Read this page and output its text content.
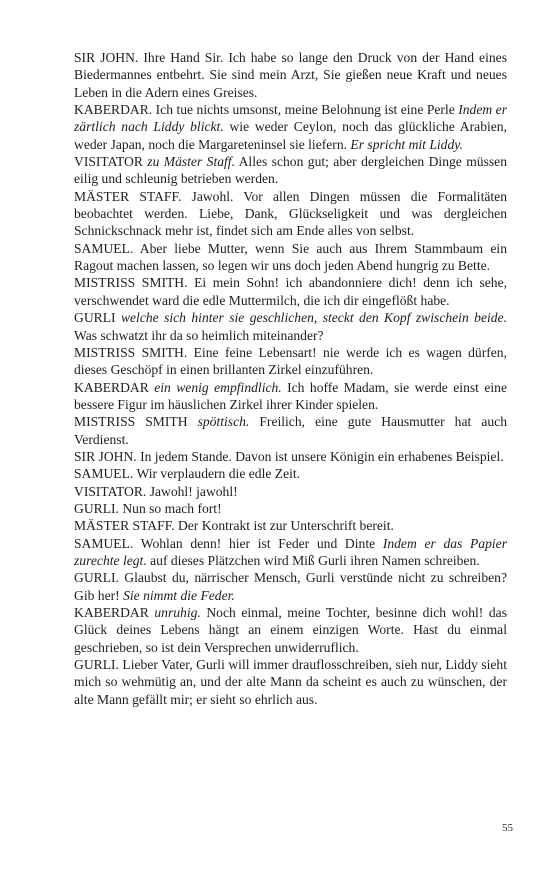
SIR JOHN. Ihre Hand Sir. Ich habe so lange den Druck von der Hand eines Biedermannes entbehrt. Sie sind mein Arzt, Sie gießen neue Kraft und neues Leben in die Adern eines Greises.

KABERDAR. Ich tue nichts umsonst, meine Belohnung ist eine Perle Indem er zärtlich nach Liddy blickt. wie weder Ceylon, noch das glückliche Arabien, weder Japan, noch die Margareteninsel sie liefern. Er spricht mit Liddy.

VISITATOR zu Mäster Staff. Alles schon gut; aber dergleichen Dinge müssen eilig und schleunig betrieben werden.

MÄSTER STAFF. Jawohl. Vor allen Dingen müssen die Formalitäten beobachtet werden. Liebe, Dank, Glückseligkeit und was dergleichen Schnickschnack mehr ist, findet sich am Ende alles von selbst.

SAMUEL. Aber liebe Mutter, wenn Sie auch aus Ihrem Stammbaum ein Ragout machen lassen, so legen wir uns doch jeden Abend hungrig zu Bette.

MISTRISS SMITH. Ei mein Sohn! ich abandonniere dich! denn ich sehe, verschwendet ward die edle Muttermilch, die ich dir eingeflößt habe.

GURLI welche sich hinter sie geschlichen, steckt den Kopf zwischein beide. Was schwatzt ihr da so heimlich miteinander?

MISTRISS SMITH. Eine feine Lebensart! nie werde ich es wagen dürfen, dieses Geschöpf in einen brillanten Zirkel einzuführen.

KABERDAR ein wenig empfindlich. Ich hoffe Madam, sie werde einst eine bessere Figur im häuslichen Zirkel ihrer Kinder spielen.

MISTRISS SMITH spöttisch. Freilich, eine gute Hausmutter hat auch Verdienst.

SIR JOHN. In jedem Stande. Davon ist unsere Königin ein erhabenes Beispiel.

SAMUEL. Wir verplaudern die edle Zeit.

VISITATOR. Jawohl! jawohl!

GURLI. Nun so mach fort!

MÄSTER STAFF. Der Kontrakt ist zur Unterschrift bereit.

SAMUEL. Wohlan denn! hier ist Feder und Dinte Indem er das Papier zurechte legt. auf dieses Plätzchen wird Miß Gurli ihren Namen schreiben.

GURLI. Glaubst du, närrischer Mensch, Gurli verstünde nicht zu schreiben? Gib her! Sie nimmt die Feder.

KABERDAR unruhig. Noch einmal, meine Tochter, besinne dich wohl! das Glück deines Lebens hängt an einem einzigen Worte. Hast du einmal geschrieben, so ist dein Versprechen unwiderruflich.

GURLI. Lieber Vater, Gurli will immer drauflosschreiben, sieh nur, Liddy sieht mich so wehmütig an, und der alte Mann da scheint es auch zu wünschen, der alte Mann gefällt mir; er sieht so ehrlich aus.

55
